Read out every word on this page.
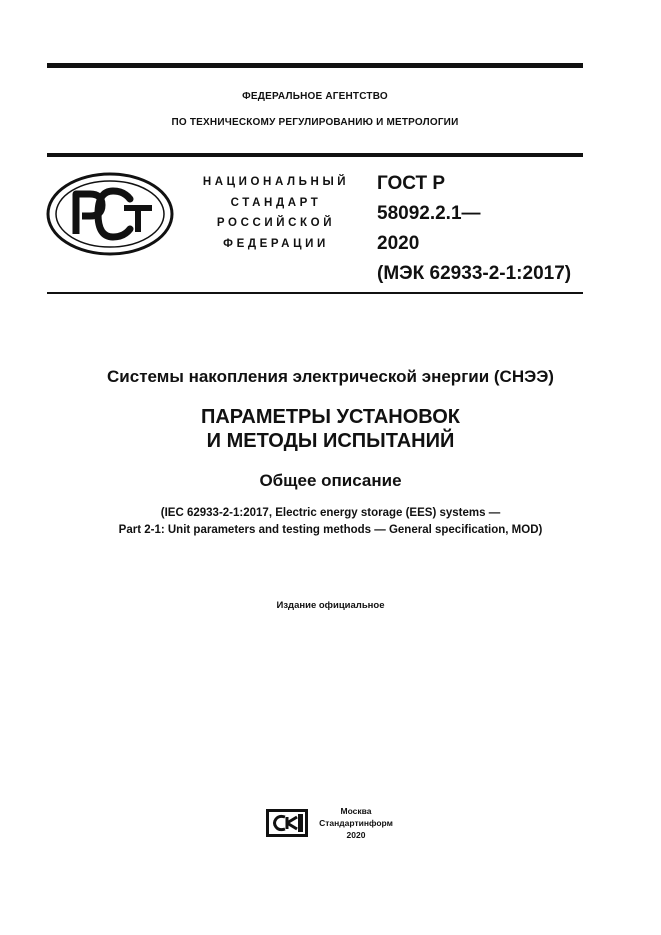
ФЕДЕРАЛЬНОЕ АГЕНТСТВО
ПО ТЕХНИЧЕСКОМУ РЕГУЛИРОВАНИЮ И МЕТРОЛОГИИ
НАЦИОНАЛЬНЫЙ
СТАНДАРТ
РОССИЙСКОЙ
ФЕДЕРАЦИИ
ГОСТ Р
58092.2.1—
2020
(МЭК 62933-2-1:2017)
Системы накопления электрической энергии (СНЭЭ)
ПАРАМЕТРЫ УСТАНОВОК
И МЕТОДЫ ИСПЫТАНИЙ
Общее описание
(IEC 62933-2-1:2017, Electric energy storage (EES) systems —
Part 2-1: Unit parameters and testing methods — General specification, MOD)
Издание официальное
Москва
Стандартинформ
2020
